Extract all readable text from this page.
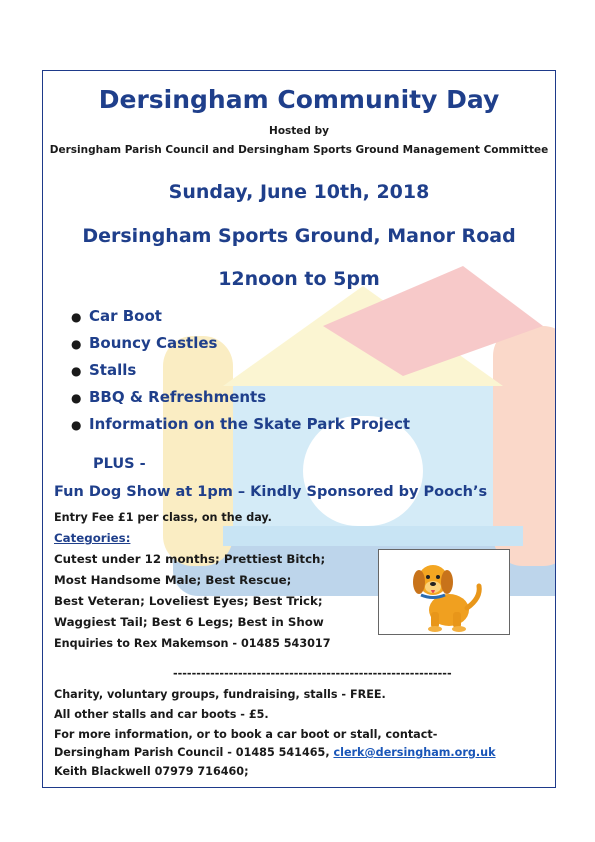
Dersingham Community Day
Hosted by
Dersingham Parish Council and Dersingham Sports Ground Management Committee
Sunday, June 10th, 2018
Dersingham Sports Ground, Manor Road
12noon to 5pm
● Car Boot
● Bouncy Castles
● Stalls
● BBQ & Refreshments
● Information on the Skate Park Project
PLUS -
Fun Dog Show at 1pm – Kindly Sponsored by Pooch’s
Entry Fee £1 per class, on the day.
Categories:
Cutest under 12 months; Prettiest Bitch;
Most Handsome Male; Best Rescue;
Best Veteran; Loveliest Eyes; Best Trick;
Waggiest Tail; Best 6 Legs; Best in Show
Enquiries to Rex Makemson - 01485 543017
------------------------------------------------------------
Charity, voluntary groups, fundraising, stalls - FREE.
All other stalls and car boots - £5.
For more information, or to book a car boot or stall, contact-
Dersingham Parish Council - 01485 541465, clerk@dersingham.org.uk
Keith Blackwell 07979 716460;
